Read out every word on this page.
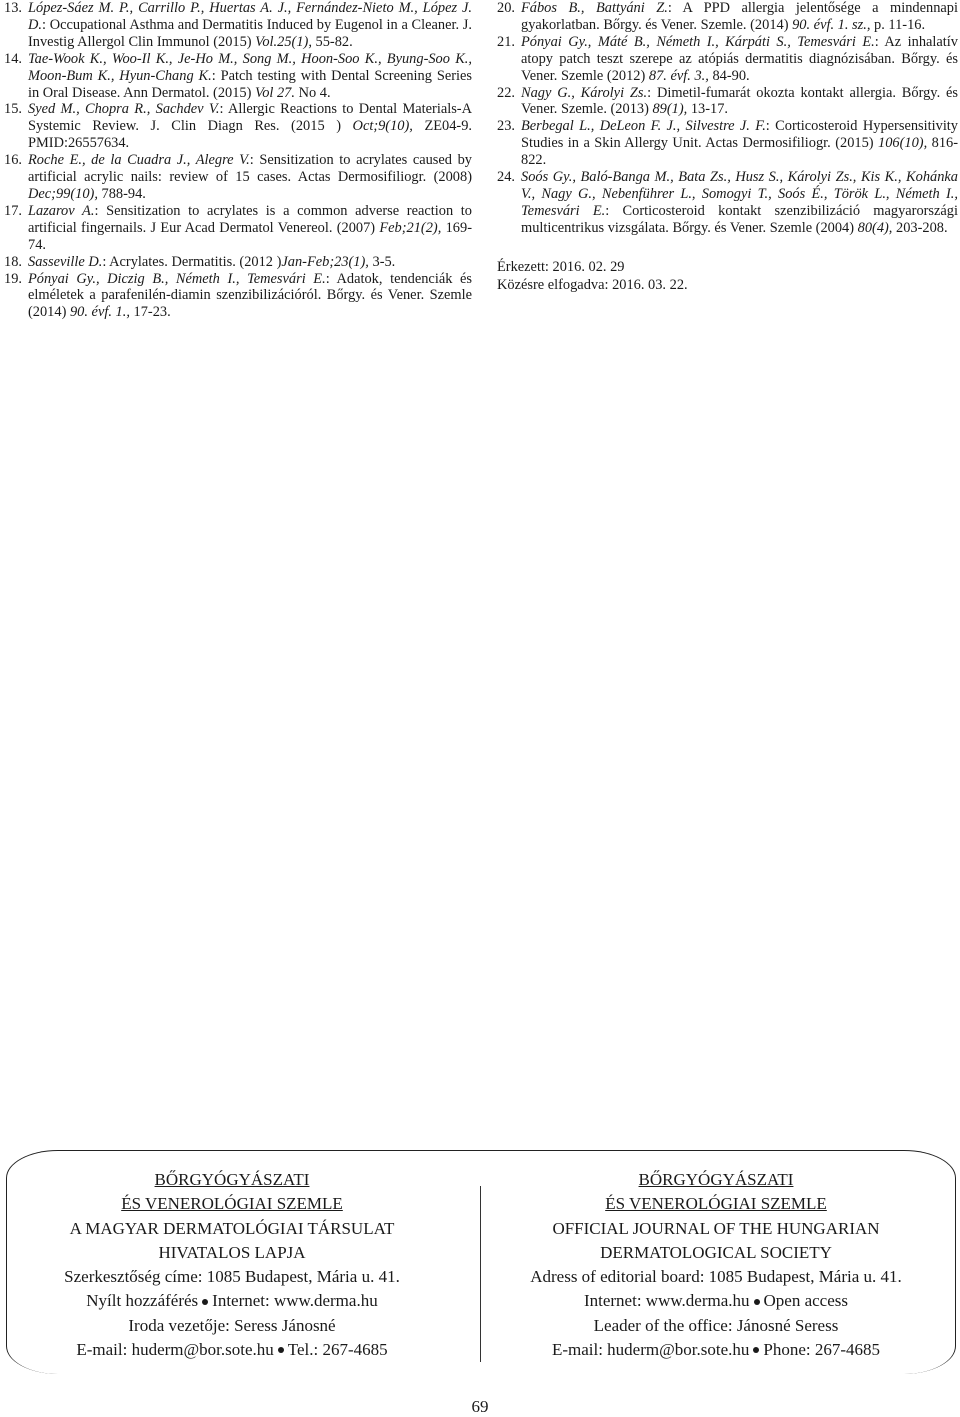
13. López-Sáez M. P., Carrillo P., Huertas A. J., Fernández-Nieto M., López J. D.: Occupational Asthma and Dermatitis Induced by Eugenol in a Cleaner. J. Investig Allergol Clin Immunol (2015) Vol.25(1), 55-82.
14. Tae-Wook K., Woo-Il K., Je-Ho M., Song M., Hoon-Soo K., Byung-Soo K., Moon-Bum K., Hyun-Chang K.: Patch testing with Dental Screening Series in Oral Disease. Ann Dermatol. (2015) Vol 27. No 4.
15. Syed M., Chopra R., Sachdev V.: Allergic Reactions to Dental Materials-A Systemic Review. J. Clin Diagn Res. (2015 ) Oct;9(10), ZE04-9. PMID:26557634.
16. Roche E., de la Cuadra J., Alegre V.: Sensitization to acrylates caused by artificial acrylic nails: review of 15 cases. Actas Dermosifiliogr. (2008) Dec;99(10), 788-94.
17. Lazarov A.: Sensitization to acrylates is a common adverse reaction to artificial fingernails. J Eur Acad Dermatol Venereol. (2007) Feb;21(2), 169-74.
18. Sasseville D.: Acrylates. Dermatitis. (2012 )Jan-Feb;23(1), 3-5.
19. Pónyai Gy., Diczig B., Németh I., Temesvári E.: Adatok, tendenciák és elméletek a parafenilén-diamin szenzibilizációról. Bőrgy. és Vener. Szemle (2014) 90. évf. 1., 17-23.
20. Fábos B., Battyáni Z.: A PPD allergia jelentősége a mindennapi gyakorlatban. Bőrgy. és Vener. Szemle. (2014) 90. évf. 1. sz., p. 11-16.
21. Pónyai Gy., Máté B., Németh I., Kárpáti S., Temesvári E.: Az inhalatív atopy patch teszt szerepe az atópiás dermatitis diagnózisában. Bőrgy. és Vener. Szemle (2012) 87. évf. 3., 84-90.
22. Nagy G., Károlyi Zs.: Dimetil-fumarát okozta kontakt allergia. Bőrgy. és Vener. Szemle. (2013) 89(1), 13-17.
23. Berbegal L., DeLeon F. J., Silvestre J. F.: Corticosteroid Hypersensitivity Studies in a Skin Allergy Unit. Actas Dermosifiliogr. (2015) 106(10), 816-822.
24. Soós Gy., Baló-Banga M., Bata Zs., Husz S., Károlyi Zs., Kis K., Kohánka V., Nagy G., Nebenführer L., Somogyi T., Soós É., Török L., Németh I., Temesvári E.: Corticosteroid kontakt szenzibilizáció magyarországi multicentrikus vizsgálata. Bőrgy. és Vener. Szemle (2004) 80(4), 203-208.
Érkezett: 2016. 02. 29
Közésre elfogadva: 2016. 03. 22.
BŐRGYÓGYÁSZATI
ÉS VENEROLÓGIAI SZEMLE
A MAGYAR DERMATOLÓGIAI TÁRSULAT
HIVATALOS LAPJA
Szerkesztőség címe: 1085 Budapest, Mária u. 41.
Nyílt hozzáférés Internet: www.derma.hu
Iroda vezetője: Seress Jánosné
E-mail: huderm@bor.sote.hu Tel.: 267-4685
BŐRGYÓGYÁSZATI
ÉS VENEROLÓGIAI SZEMLE
OFFICIAL JOURNAL OF THE HUNGARIAN
DERMATOLOGICAL SOCIETY
Adress of editorial board: 1085 Budapest, Mária u. 41.
Internet: www.derma.hu Open access
Leader of the office: Jánosné Seress
E-mail: huderm@bor.sote.hu Phone: 267-4685
69
